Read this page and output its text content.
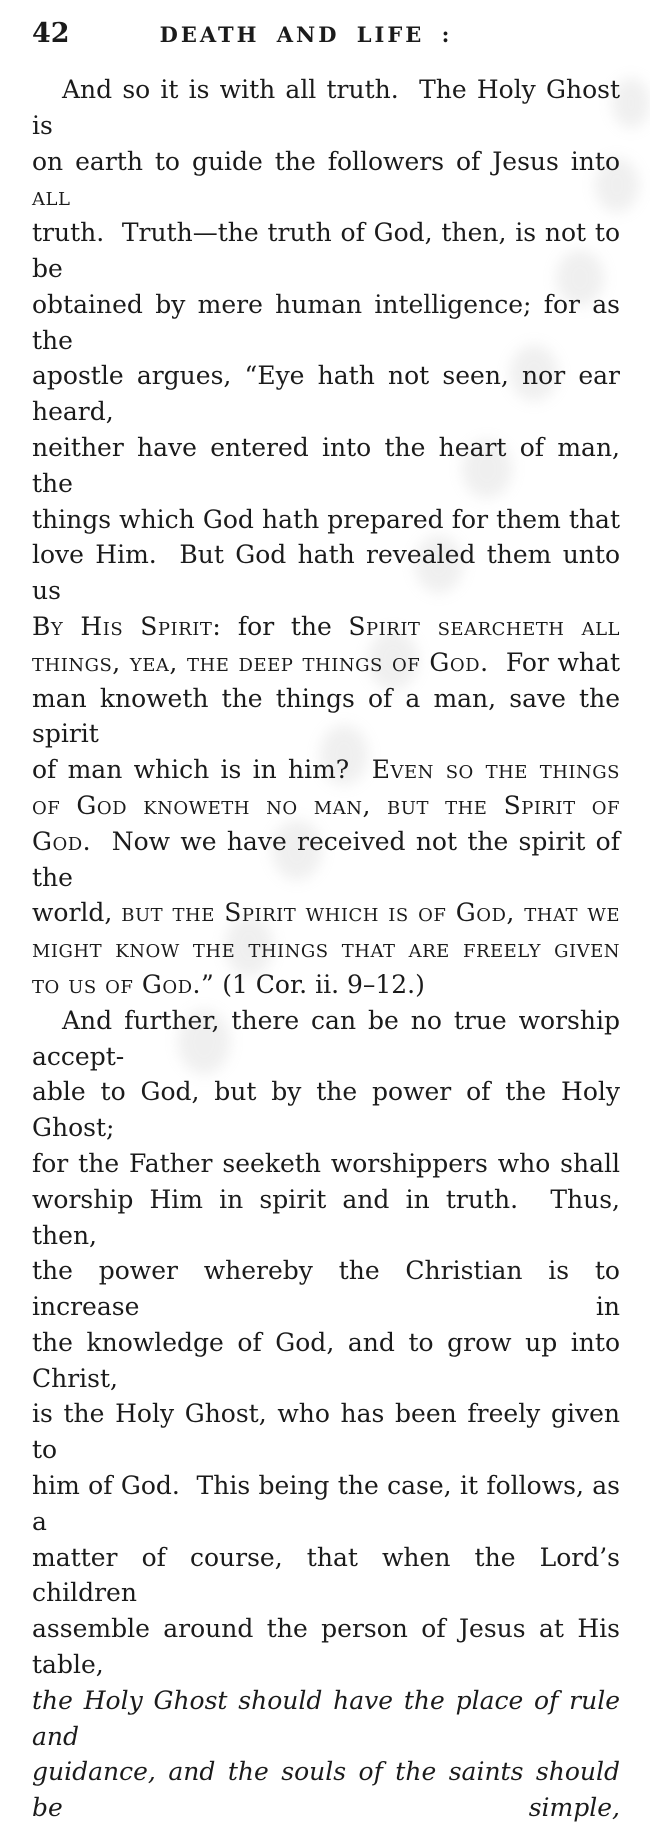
42	DEATH AND LIFE :
And so it is with all truth.  The Holy Ghost is
on earth to guide the followers of Jesus into all
truth.  Truth—the truth of God, then, is not to be
obtained by mere human intelligence; for as the
apostle argues, “Eye hath not seen, nor ear heard,
neither have entered into the heart of man, the
things which God hath prepared for them that
love Him.  But God hath revealed them unto us
By His Spirit: for the Spirit searcheth all
things, yea, the deep things of God.  For what
man knoweth the things of a man, save the spirit
of man which is in him?  Even so the things
of God knoweth no man, but the Spirit of
God.  Now we have received not the spirit of the
world, but the Spirit which is of God, that we
might know the things that are freely given
to us of God.” (1 Cor. ii. 9–12.)
And further, there can be no true worship accept-
able to God, but by the power of the Holy Ghost;
for the Father seeketh worshippers who shall
worship Him in spirit and in truth.  Thus, then,
the power whereby the Christian is to increase in
the knowledge of God, and to grow up into Christ,
is the Holy Ghost, who has been freely given to
him of God.  This being the case, it follows, as a
matter of course, that when the Lord’s children
assemble around the person of Jesus at His table,
the Holy Ghost should have the place of rule and
guidance, and the souls of the saints should be simple,
